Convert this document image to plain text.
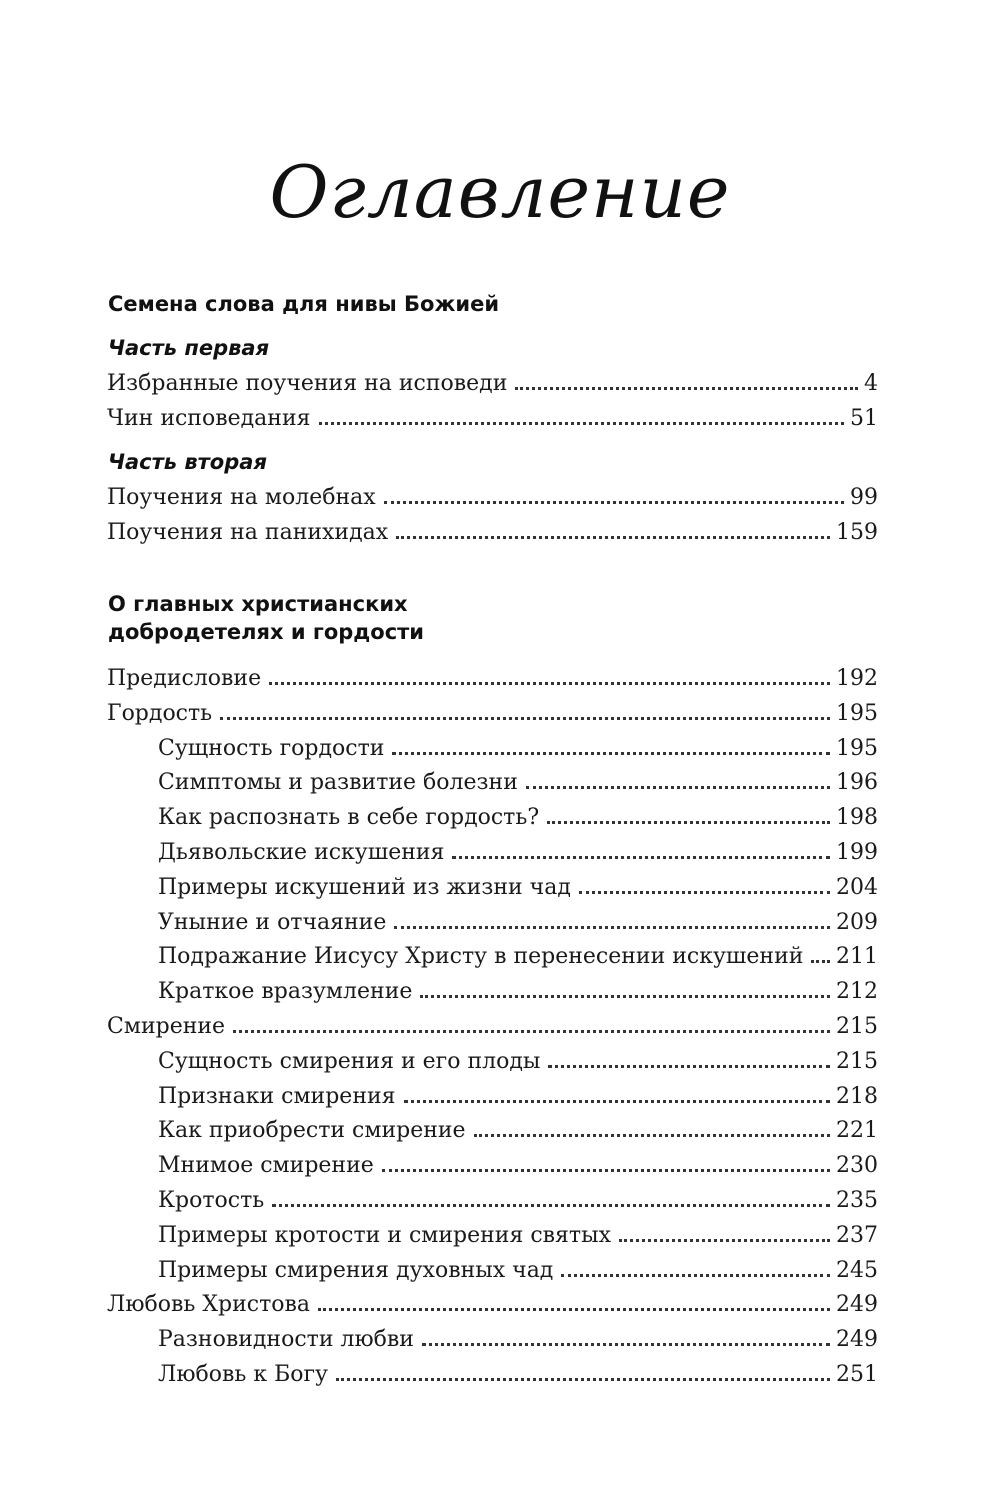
Оглавление
Семена слова для нивы Божией
Часть первая
Избранные поучения на исповеди	4
Чин исповедания	51
Часть вторая
Поучения на молебнах	99
Поучения на панихидах	159
О главных христианских
добродетелях и гордости
Предисловие	192
Гордость	195
Сущность гордости	195
Симптомы и развитие болезни	196
Как распознать в себе гордость?	198
Дьявольские искушения	199
Примеры искушений из жизни чад	204
Уныние и отчаяние	209
Подражание Иисусу Христу в перенесении искушений	211
Краткое вразумление	212
Смирение	215
Сущность смирения и его плоды	215
Признаки смирения	218
Как приобрести смирение	221
Мнимое смирение	230
Кротость	235
Примеры кротости и смирения святых	237
Примеры смирения духовных чад	245
Любовь Христова	249
Разновидности любви	249
Любовь к Богу	251
